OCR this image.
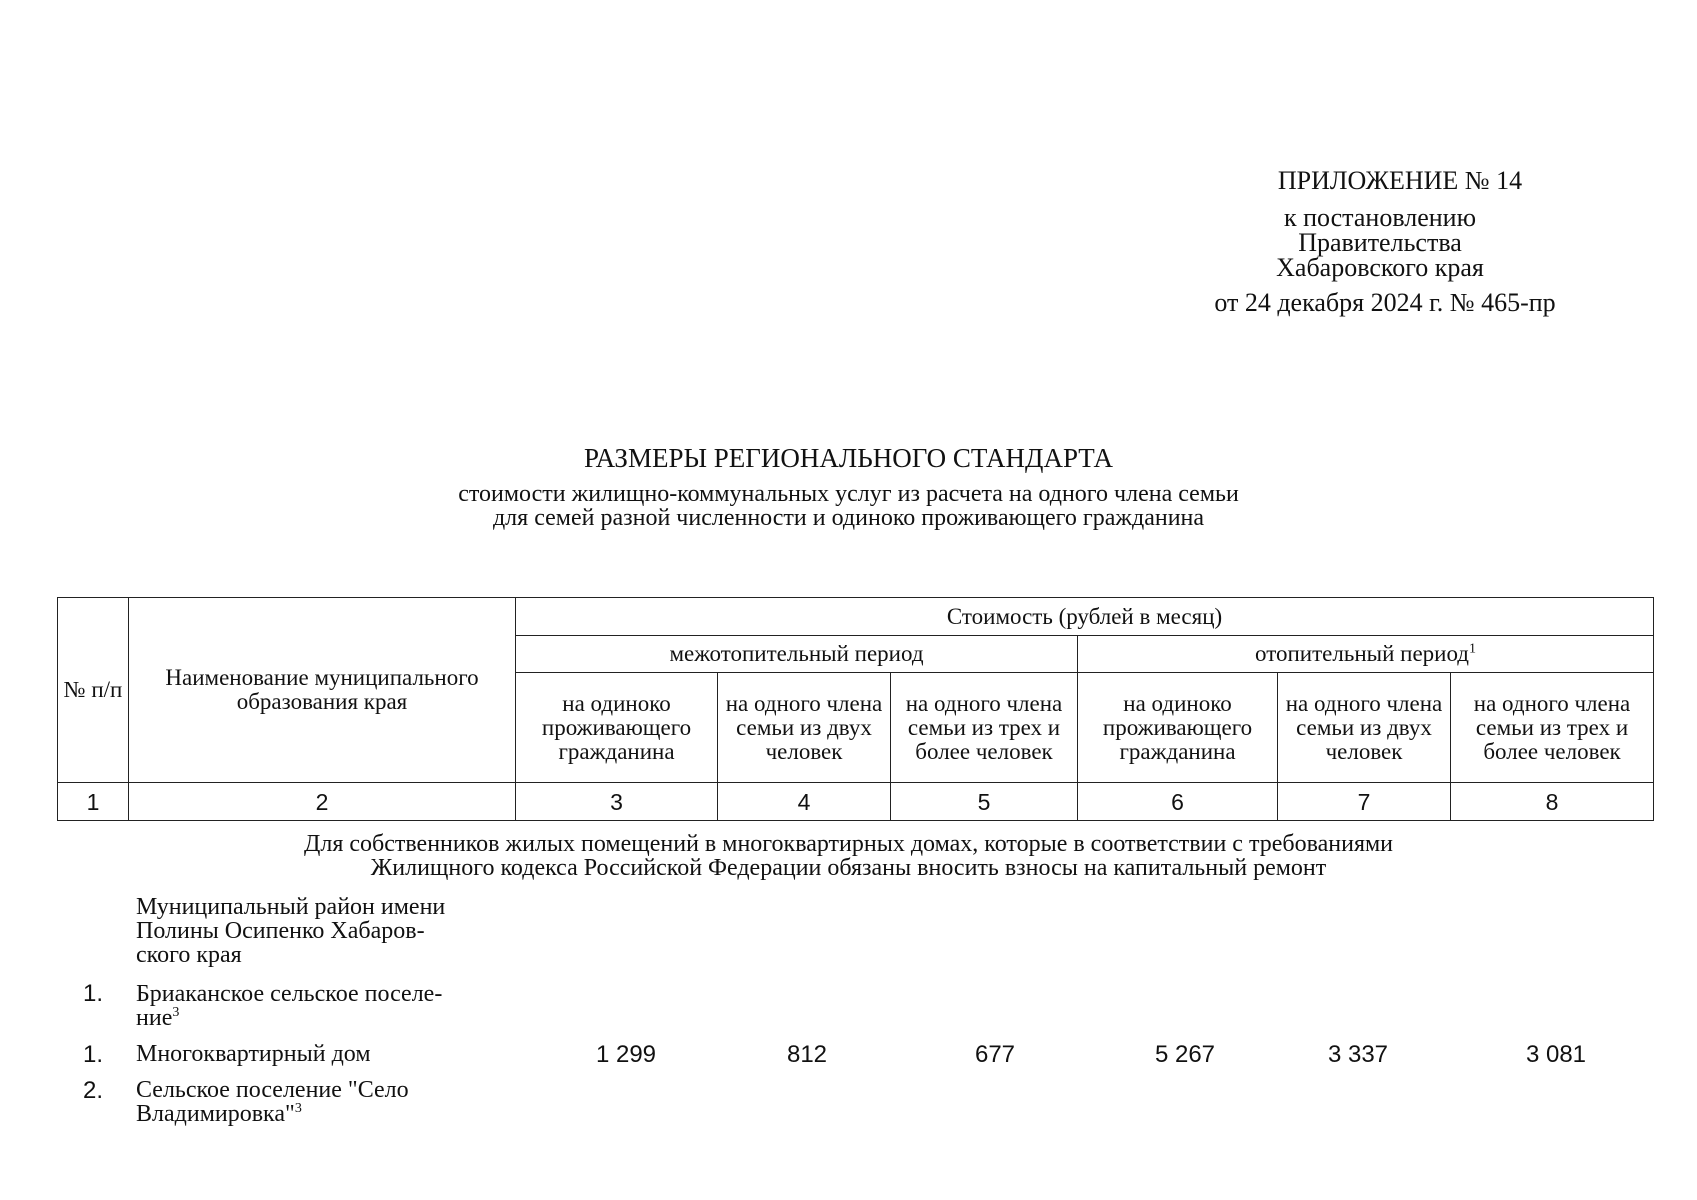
ПРИЛОЖЕНИЕ № 14
к постановлению
Правительства
Хабаровского края
от 24 декабря 2024 г. № 465-пр
РАЗМЕРЫ РЕГИОНАЛЬНОГО СТАНДАРТА
стоимости жилищно-коммунальных услуг из расчета на одного члена семьи
для семей разной численности и одиноко проживающего гражданина
№ п/п	Наименование муниципального образования края	Стоимость (рублей в месяц)					
		межотопительный период			отопительный период$^1$
		на одиноко проживающего гражданина	на одного члена семьи из двух человек	на одного члена семьи из трех и более человек	на одиноко проживающего гражданина	на одного члена семьи из двух человек	на одного члена семьи из трех и более человек
1	2	3	4	5	6	7	8
Для собственников жилых помещений в многоквартирных домах, которые в соответствии с требованиями
Жилищного кодекса Российской Федерации обязаны вносить взносы на капитальный ремонт
Муниципальный район имени
Полины Осипенко Хабаров-
ского края
1. Бриаканское сельское поселе-
ние$^3$
1. Многоквартирный дом	1 299	812	677	5 267	3 337	3 081
2. Сельское поселение "Село
Владимировка"$^3$
